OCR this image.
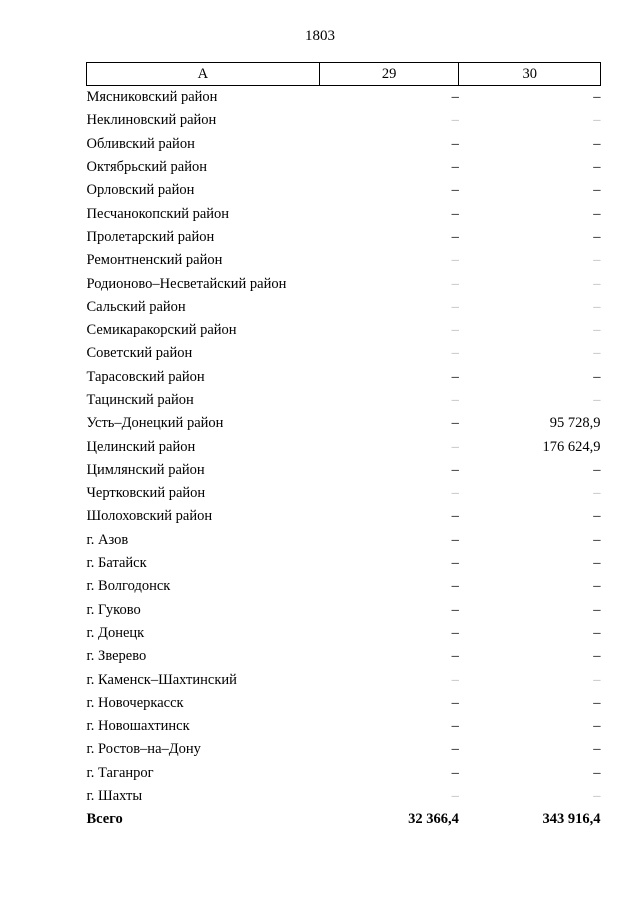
1803
А	29	30
Мясниковский район	–	–
Неклиновский район	–	–
Обливский район	–	–
Октябрьский район	–	–
Орловский район	–	–
Песчанокопский район	–	–
Пролетарский район	–	–
Ремонтненский район	–	–
Родионово–Несветайский район	–	–
Сальский район	–	–
Семикаракорский район	–	–
Советский район	–	–
Тарасовский район	–	–
Тацинский район	–	–
Усть–Донецкий район	–	95 728,9
Целинский район	–	176 624,9
Цимлянский район	–	–
Чертковский район	–	–
Шолоховский район	–	–
г. Азов	–	–
г. Батайск	–	–
г. Волгодонск	–	–
г. Гуково	–	–
г. Донецк	–	–
г. Зверево	–	–
г. Каменск–Шахтинский	–	–
г. Новочеркасск	–	–
г. Новошахтинск	–	–
г. Ростов–на–Дону	–	–
г. Таганрог	–	–
г. Шахты	–	–
Всего	32 366,4	343 916,4
